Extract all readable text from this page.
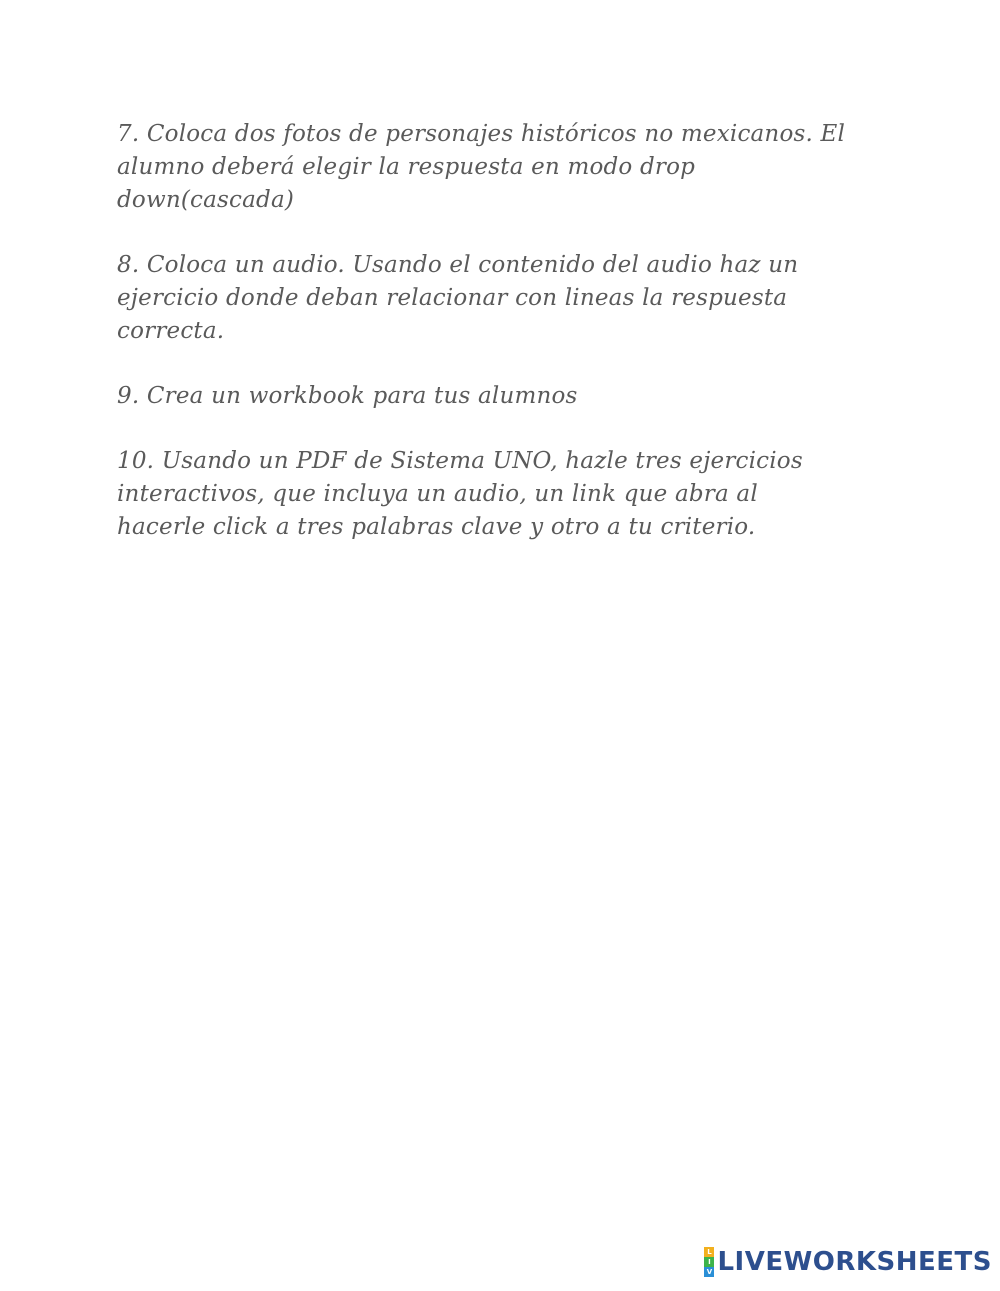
7. Coloca dos fotos de personajes históricos no mexicanos. El
alumno deberá elegir la respuesta en modo drop
down(cascada)
8. Coloca un audio. Usando el contenido del audio haz un
ejercicio donde deban relacionar con lineas la respuesta
correcta.
9. Crea un workbook para tus alumnos
10. Usando un PDF de Sistema UNO, hazle tres ejercicios
interactivos, que incluya un audio, un link que abra al
hacerle click a tres palabras clave y otro a tu criterio.
L
I
V LIVEWORKSHEETS
